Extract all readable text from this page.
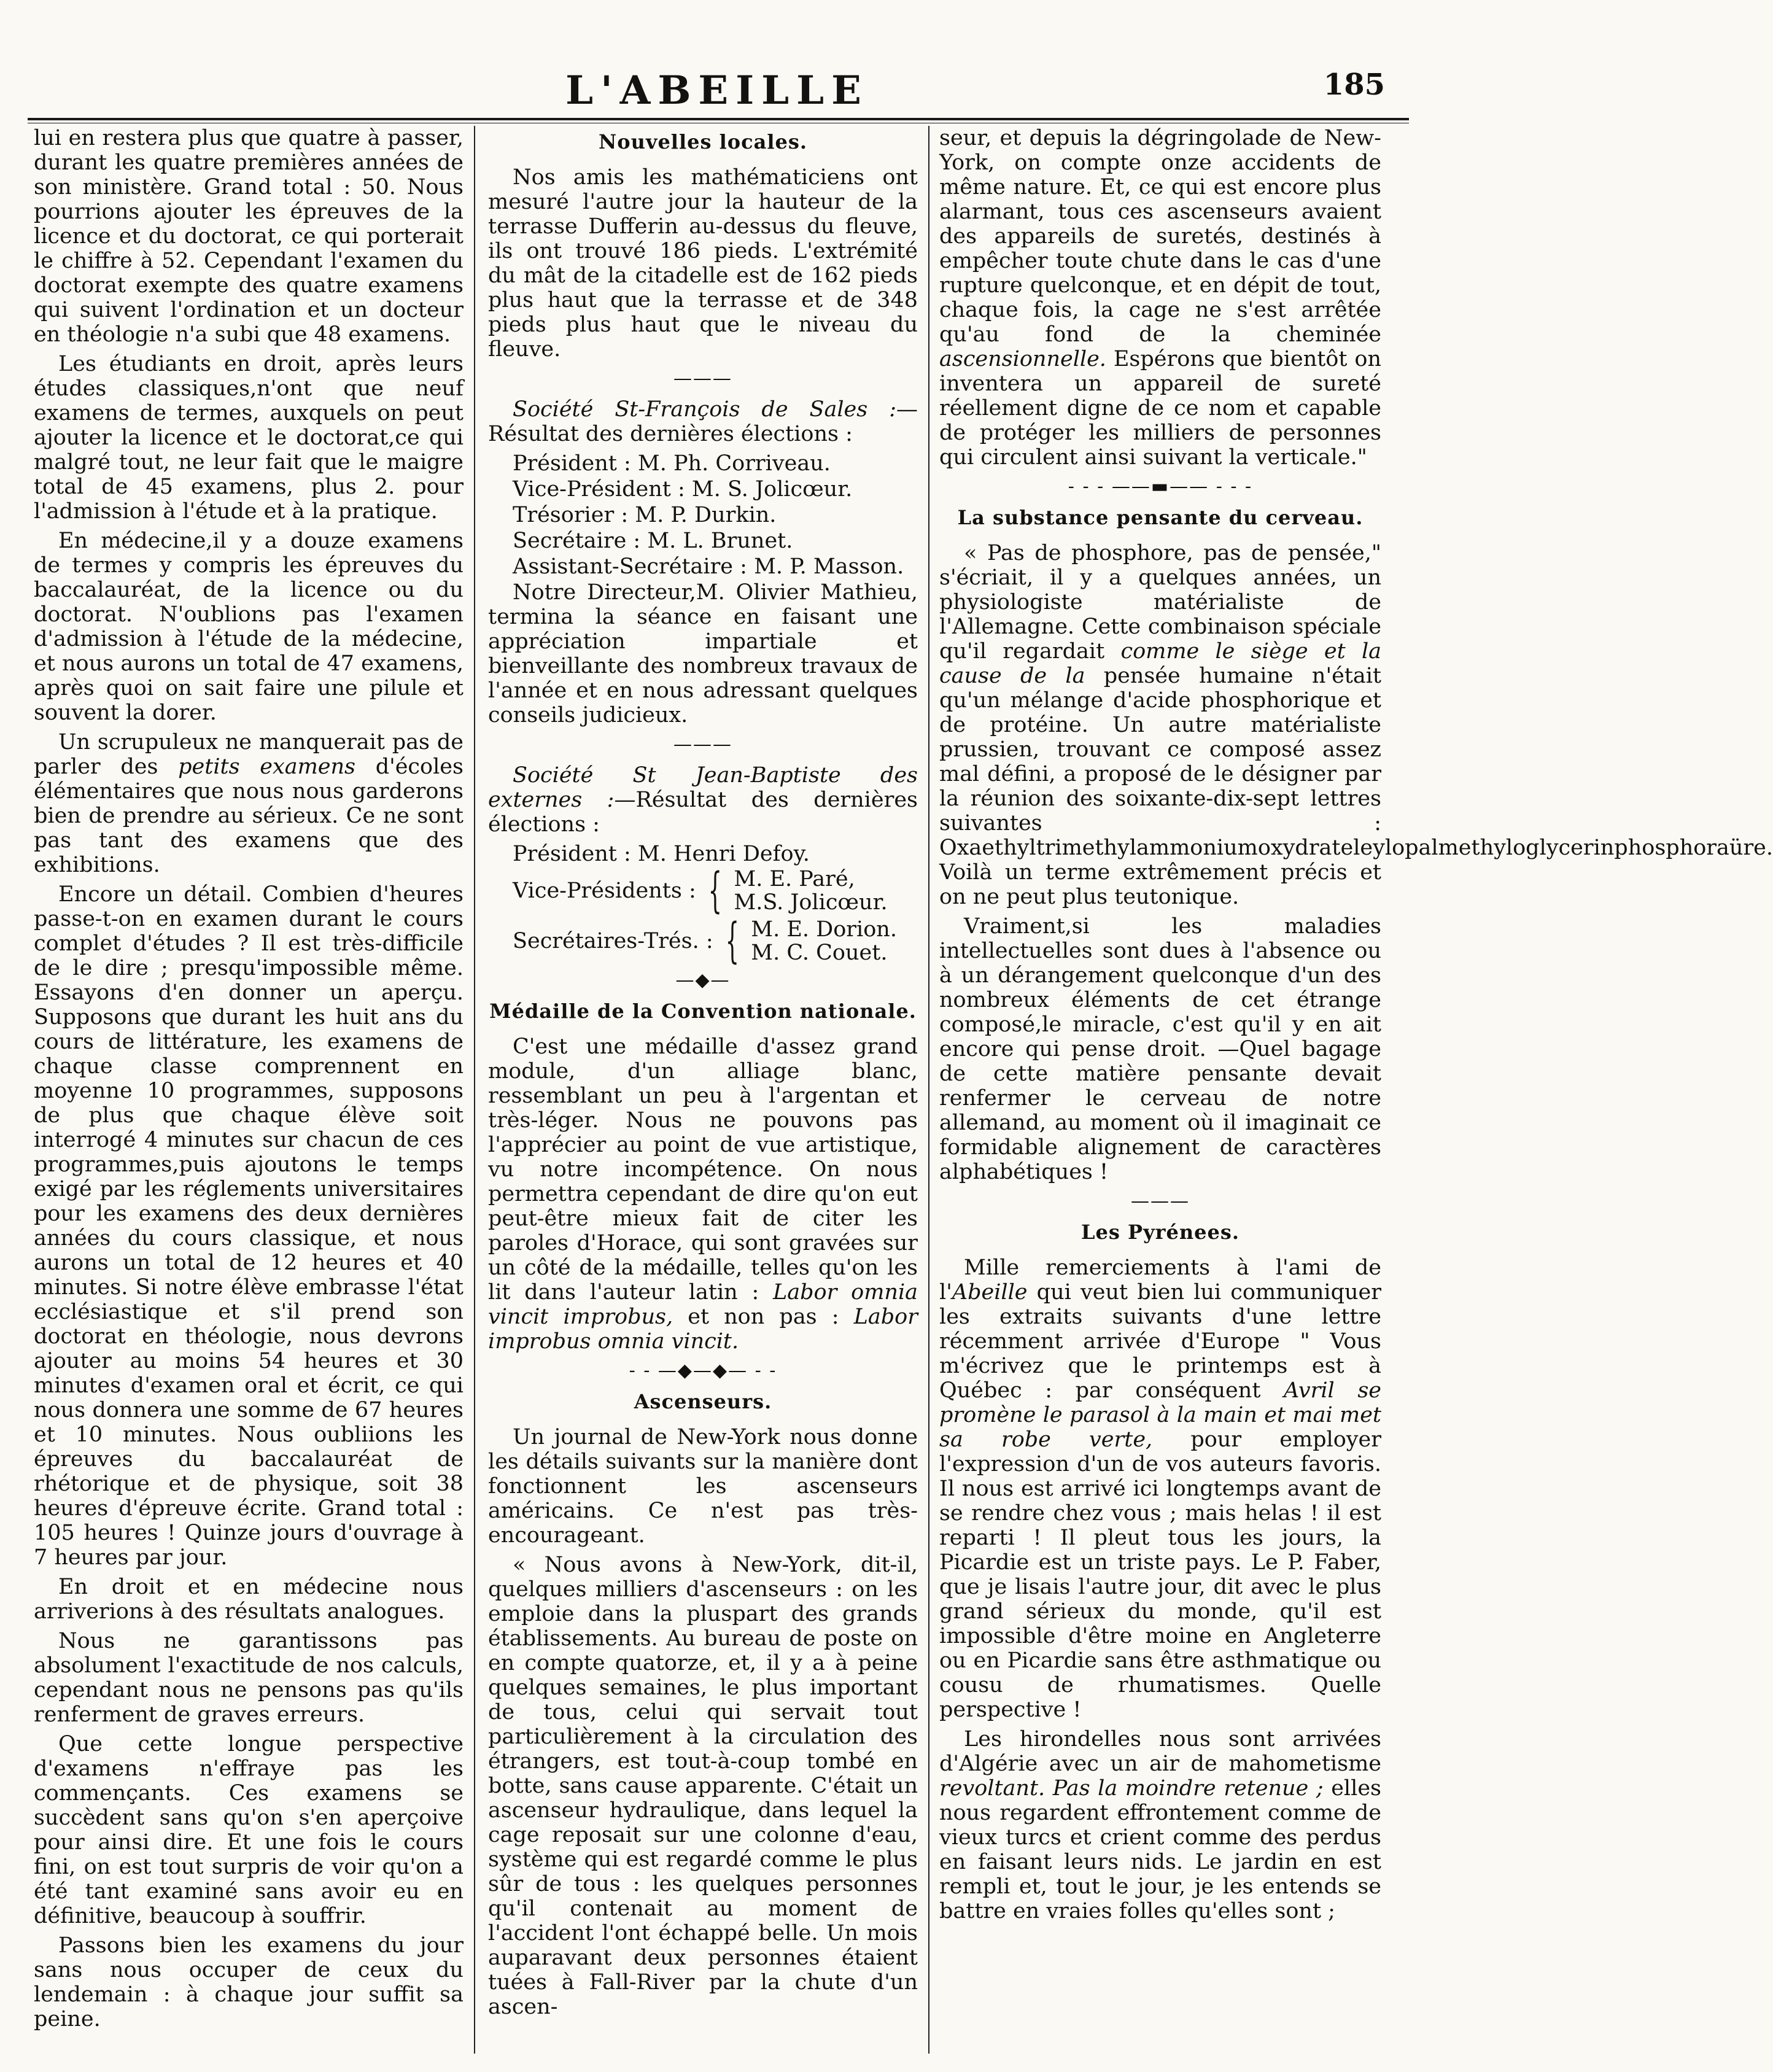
L'ABEILLE	185

lui en restera plus que quatre à passer, durant les quatre premières années de son ministère. Grand total : 50. Nous pourrions ajouter les épreuves de la licence et du doctorat, ce qui porterait le chiffre à 52. Cependant l'examen du doctorat exempte des quatre examens qui suivent l'ordination et un docteur en théologie n'a subi que 48 examens.

Les étudiants en droit, après leurs études classiques,n'ont que neuf examens de termes, auxquels on peut ajouter la licence et le doctorat,ce qui malgré tout, ne leur fait que le maigre total de 45 examens, plus 2. pour l'admission à l'étude et à la pratique.

En médecine,il y a douze examens de termes y compris les épreuves du baccalauréat, de la licence ou du doctorat. N'oublions pas l'examen d'admission à l'étude de la médecine, et nous aurons un total de 47 examens, après quoi on sait faire une pilule et souvent la dorer.

Un scrupuleux ne manquerait pas de parler des petits examens d'écoles élémentaires que nous nous garderons bien de prendre au sérieux. Ce ne sont pas tant des examens que des exhibitions.

Encore un détail. Combien d'heures passe-t-on en examen durant le cours complet d'études ? Il est très-difficile de le dire ; presqu'impossible même. Essayons d'en donner un aperçu. Supposons que durant les huit ans du cours de littérature, les examens de chaque classe comprennent en moyenne 10 programmes, supposons de plus que chaque élève soit interrogé 4 minutes sur chacun de ces programmes,puis ajoutons le temps exigé par les réglements universitaires pour les examens des deux dernières années du cours classique, et nous aurons un total de 12 heures et 40 minutes. Si notre élève embrasse l'état ecclésiastique et s'il prend son doctorat en théologie, nous devrons ajouter au moins 54 heures et 30 minutes d'examen oral et écrit, ce qui nous donnera une somme de 67 heures et 10 minutes. Nous oubliions les épreuves du baccalauréat de rhétorique et de physique, soit 38 heures d'épreuve écrite. Grand total : 105 heures ! Quinze jours d'ouvrage à 7 heures par jour.

En droit et en médecine nous arriverions à des résultats analogues.

Nous ne garantissons pas absolument l'exactitude de nos calculs, cependant nous ne pensons pas qu'ils renferment de graves erreurs.

Que cette longue perspective d'examens n'effraye pas les commençants. Ces examens se succèdent sans qu'on s'en aperçoive pour ainsi dire. Et une fois le cours fini, on est tout surpris de voir qu'on a été tant examiné sans avoir eu en définitive, beaucoup à souffrir.

Passons bien les examens du jour sans nous occuper de ceux du lendemain : à chaque jour suffit sa peine.

Nouvelles locales.

Nos amis les mathématiciens ont mesuré l'autre jour la hauteur de la terrasse Dufferin au-dessus du fleuve, ils ont trouvé 186 pieds. L'extrémité du mât de la citadelle est de 162 pieds plus haut que la terrasse et de 348 pieds plus haut que le niveau du fleuve.

———

Société St-François de Sales :—Résultat des dernières élections :

Président : M. Ph. Corriveau.
Vice-Président : M. S. Jolicœur.
Trésorier : M. P. Durkin.
Secrétaire : M. L. Brunet.
Assistant-Secrétaire : M. P. Masson.

Notre Directeur,M. Olivier Mathieu, termina la séance en faisant une appréciation impartiale et bienveillante des nombreux travaux de l'année et en nous adressant quelques conseils judicieux.

———

Société St Jean-Baptiste des externes :—Résultat des dernières élections :

Président : M. Henri Defoy.
Vice-Présidents : { M. E. Paré,
M.S. Jolicœur.
Secrétaires-Trés. : { M. E. Dorion.
M. C. Couet.
—◆—
Médaille de la Convention nationale.

C'est une médaille d'assez grand module, d'un alliage blanc, ressemblant un peu à l'argentan et très-léger. Nous ne pouvons pas l'apprécier au point de vue artistique, vu notre incompétence. On nous permettra cependant de dire qu'on eut peut-être mieux fait de citer les paroles d'Horace, qui sont gravées sur un côté de la médaille, telles qu'on les lit dans l'auteur latin : Labor omnia vincit improbus, et non pas : Labor improbus omnia vincit.

- - —◆—◆— - -
Ascenseurs.

Un journal de New-York nous donne les détails suivants sur la manière dont fonctionnent les ascenseurs américains. Ce n'est pas très-encourageant.

« Nous avons à New-York, dit-il, quelques milliers d'ascenseurs : on les emploie dans la pluspart des grands établissements. Au bureau de poste on en compte quatorze, et, il y a à peine quelques semaines, le plus important de tous, celui qui servait tout particulièrement à la circulation des étrangers, est tout-à-coup tombé en botte, sans cause apparente. C'était un ascenseur hydraulique, dans lequel la cage reposait sur une colonne d'eau, système qui est regardé comme le plus sûr de tous : les quelques personnes qu'il contenait au moment de l'accident l'ont échappé belle. Un mois auparavant deux personnes étaient tuées à Fall-River par la chute d'un ascen-

seur, et depuis la dégringolade de New-York, on compte onze accidents de même nature. Et, ce qui est encore plus alarmant, tous ces ascenseurs avaient des appareils de suretés, destinés à empêcher toute chute dans le cas d'une rupture quelconque, et en dépit de tout, chaque fois, la cage ne s'est arrêtée qu'au fond de la cheminée ascensionnelle. Espérons que bientôt on inventera un appareil de sureté réellement digne de ce nom et capable de protéger les milliers de personnes qui circulent ainsi suivant la verticale."

- - - ——▬—— - - -
La substance pensante du cerveau.

« Pas de phosphore, pas de pensée," s'écriait, il y a quelques années, un physiologiste matérialiste de l'Allemagne. Cette combinaison spéciale qu'il regardait comme le siège et la cause de la pensée humaine n'était qu'un mélange d'acide phosphorique et de protéine. Un autre matérialiste prussien, trouvant ce composé assez mal défini, a proposé de le désigner par la réunion des soixante-dix-sept lettres suivantes : Oxaethyltrimethylammoniumoxydrateleylopalmethyloglycerinphosphoraüre. Voilà un terme extrêmement précis et on ne peut plus teutonique.

Vraiment,si les maladies intellectuelles sont dues à l'absence ou à un dérangement quelconque d'un des nombreux éléments de cet étrange composé,le miracle, c'est qu'il y en ait encore qui pense droit. —Quel bagage de cette matière pensante devait renfermer le cerveau de notre allemand, au moment où il imaginait ce formidable alignement de caractères alphabétiques !

———
Les Pyrénees.

Mille remerciements à l'ami de l'Abeille qui veut bien lui communiquer les extraits suivants d'une lettre récemment arrivée d'Europe " Vous m'écrivez que le printemps est à Québec : par conséquent Avril se promène le parasol à la main et mai met sa robe verte, pour employer l'expression d'un de vos auteurs favoris. Il nous est arrivé ici longtemps avant de se rendre chez vous ; mais helas ! il est reparti ! Il pleut tous les jours, la Picardie est un triste pays. Le P. Faber, que je lisais l'autre jour, dit avec le plus grand sérieux du monde, qu'il est impossible d'être moine en Angleterre ou en Picardie sans être asthmatique ou cousu de rhumatismes. Quelle perspective !

Les hirondelles nous sont arrivées d'Algérie avec un air de mahometisme revoltant. Pas la moindre retenue ; elles nous regardent effrontement comme de vieux turcs et crient comme des perdus en faisant leurs nids. Le jardin en est rempli et, tout le jour, je les entends se battre en vraies folles qu'elles sont ;
